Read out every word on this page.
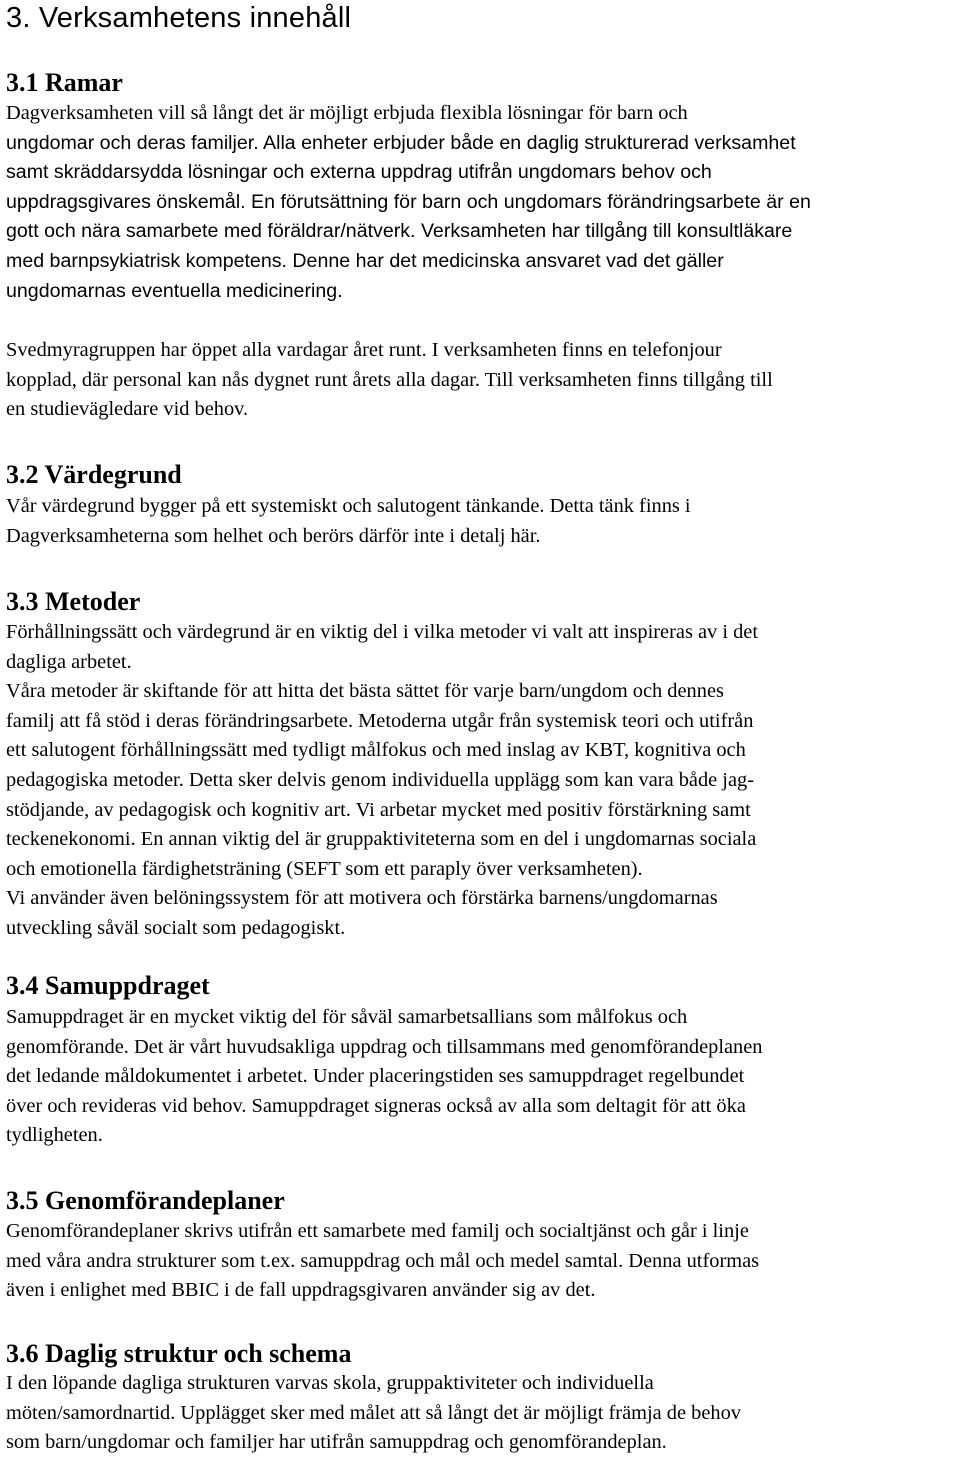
3. Verksamhetens innehåll
3.1 Ramar
Dagverksamheten vill så långt det är möjligt erbjuda flexibla lösningar för barn och
ungdomar och deras familjer. Alla enheter erbjuder både en daglig strukturerad verksamhet
samt skräddarsydda lösningar och externa uppdrag utifrån ungdomars behov och
uppdragsgivares önskemål. En förutsättning för barn och ungdomars förändringsarbete är en
gott och nära samarbete med föräldrar/nätverk. Verksamheten har tillgång till konsultläkare
med barnpsykiatrisk kompetens. Denne har det medicinska ansvaret vad det gäller
ungdomarnas eventuella medicinering.
Svedmyragruppen har öppet alla vardagar året runt. I verksamheten finns en telefonjour
kopplad, där personal kan nås dygnet runt årets alla dagar. Till verksamheten finns tillgång till
en studievägledare vid behov.
3.2 Värdegrund
Vår värdegrund bygger på ett systemiskt och salutogent tänkande. Detta tänk finns i
Dagverksamheterna som helhet och berörs därför inte i detalj här.
3.3 Metoder
Förhållningssätt och värdegrund är en viktig del i vilka metoder vi valt att inspireras av i det
dagliga arbetet.
Våra metoder är skiftande för att hitta det bästa sättet för varje barn/ungdom och dennes
familj att få stöd i deras förändringsarbete. Metoderna utgår från systemisk teori och utifrån
ett salutogent förhållningssätt med tydligt målfokus och med inslag av KBT, kognitiva och
pedagogiska metoder. Detta sker delvis genom individuella upplägg som kan vara både jag-
stödjande, av pedagogisk och kognitiv art. Vi arbetar mycket med positiv förstärkning samt
teckenekonomi. En annan viktig del är gruppaktiviteterna som en del i ungdomarnas sociala
och emotionella färdighetsträning (SEFT som ett paraply över verksamheten).
Vi använder även belöningssystem för att motivera och förstärka barnens/ungdomarnas
utveckling såväl socialt som pedagogiskt.
3.4 Samuppdraget
Samuppdraget är en mycket viktig del för såväl samarbetsallians som målfokus och
genomförande. Det är vårt huvudsakliga uppdrag och tillsammans med genomförandeplanen
det ledande måldokumentet i arbetet. Under placeringstiden ses samuppdraget regelbundet
över och revideras vid behov. Samuppdraget signeras också av alla som deltagit för att öka
tydligheten.
3.5 Genomförandeplaner
Genomförandeplaner skrivs utifrån ett samarbete med familj och socialtjänst och går i linje
med våra andra strukturer som t.ex. samuppdrag och mål och medel samtal. Denna utformas
även i enlighet med BBIC i de fall uppdragsgivaren använder sig av det.
3.6 Daglig struktur och schema
I den löpande dagliga strukturen varvas skola, gruppaktiviteter och individuella
möten/samordnartid. Upplägget sker med målet att så långt det är möjligt främja de behov
som barn/ungdomar och familjer har utifrån samuppdrag och genomförandeplan.
